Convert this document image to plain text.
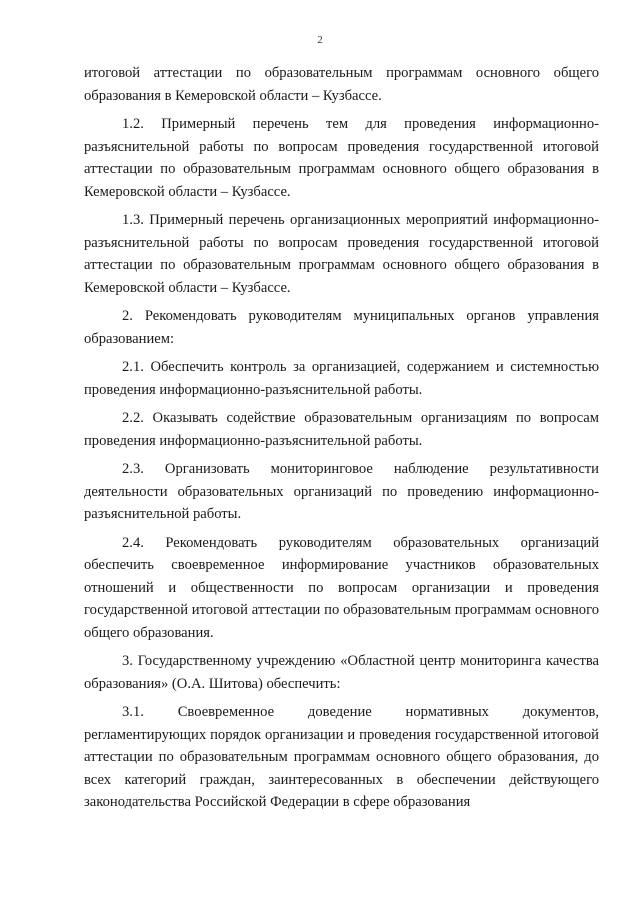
2

итоговой аттестации по образовательным программам основного общего образования в Кемеровской области – Кузбассе.

1.2. Примерный перечень тем для проведения информационно-разъяснительной работы по вопросам проведения государственной итоговой аттестации по образовательным программам основного общего образования в Кемеровской области – Кузбассе.

1.3. Примерный перечень организационных мероприятий информационно-разъяснительной работы по вопросам проведения государственной итоговой аттестации по образовательным программам основного общего образования в Кемеровской области – Кузбассе.

2. Рекомендовать руководителям муниципальных органов управления образованием:

2.1. Обеспечить контроль за организацией, содержанием и системностью проведения информационно-разъяснительной работы.

2.2. Оказывать содействие образовательным организациям по вопросам проведения информационно-разъяснительной работы.

2.3. Организовать мониторинговое наблюдение результативности деятельности образовательных организаций по проведению информационно-разъяснительной работы.

2.4. Рекомендовать руководителям образовательных организаций обеспечить своевременное информирование участников образовательных отношений и общественности по вопросам организации и проведения государственной итоговой аттестации по образовательным программам основного общего образования.

3. Государственному учреждению «Областной центр мониторинга качества образования» (О.А. Шитова) обеспечить:

3.1. Своевременное доведение нормативных документов, регламентирующих порядок организации и проведения государственной итоговой аттестации по образовательным программам основного общего образования, до всех категорий граждан, заинтересованных в обеспечении действующего законодательства Российской Федерации в сфере образования
